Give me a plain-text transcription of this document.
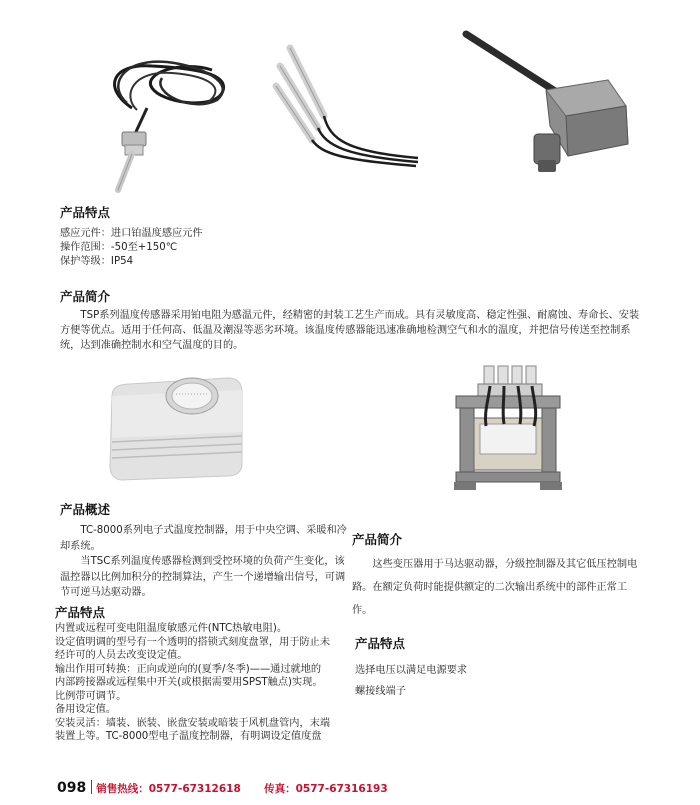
产品特点

感应元件：进口铂温度感应元件

操作范围：-50至+150℃

保护等级：IP54

产品简介

TSP系列温度传感器采用铂电阻为感温元件，经精密的封装工艺生产而成。具有灵敏度高、稳定性强、耐腐蚀、寿命长、安装方便等优点。适用于任何高、低温及潮湿等恶劣环境。该温度传感器能迅速准确地检测空气和水的温度，并把信号传送至控制系统，达到准确控制水和空气温度的目的。

产品概述

TC-8000系列电子式温度控制器，用于中央空调、采暖和冷却系统。

当TSC系列温度传感器检测到受控环境的负荷产生变化，该温控器以比例加积分的控制算法，产生一个递增输出信号，可调节可逆马达驱动器。

产品特点

内置或远程可变电阻温度敏感元件(NTC热敏电阻)。

设定值明调的型号有一个透明的搭锁式刻度盘罩，用于防止未经许可的人员去改变设定值。

输出作用可转换：正向或逆向的(夏季/冬季)——通过就地的内部跨接器或远程集中开关(或根据需要用SPST触点)实现。比例带可调节。

备用设定值。

安装灵活：墙装、嵌装、嵌盘安装或暗装于风机盘管内，末端装置上等。TC-8000型电子温度控制器，有明调设定值度盘

产品简介

这些变压器用于马达驱动器，分级控制器及其它低压控制电路。在额定负荷时能提供额定的二次输出系统中的部件正常工作。

产品特点

选择电压以满足电源要求

螺接线端子

098 销售热线：0577-67312618 传真：0577-67316193
